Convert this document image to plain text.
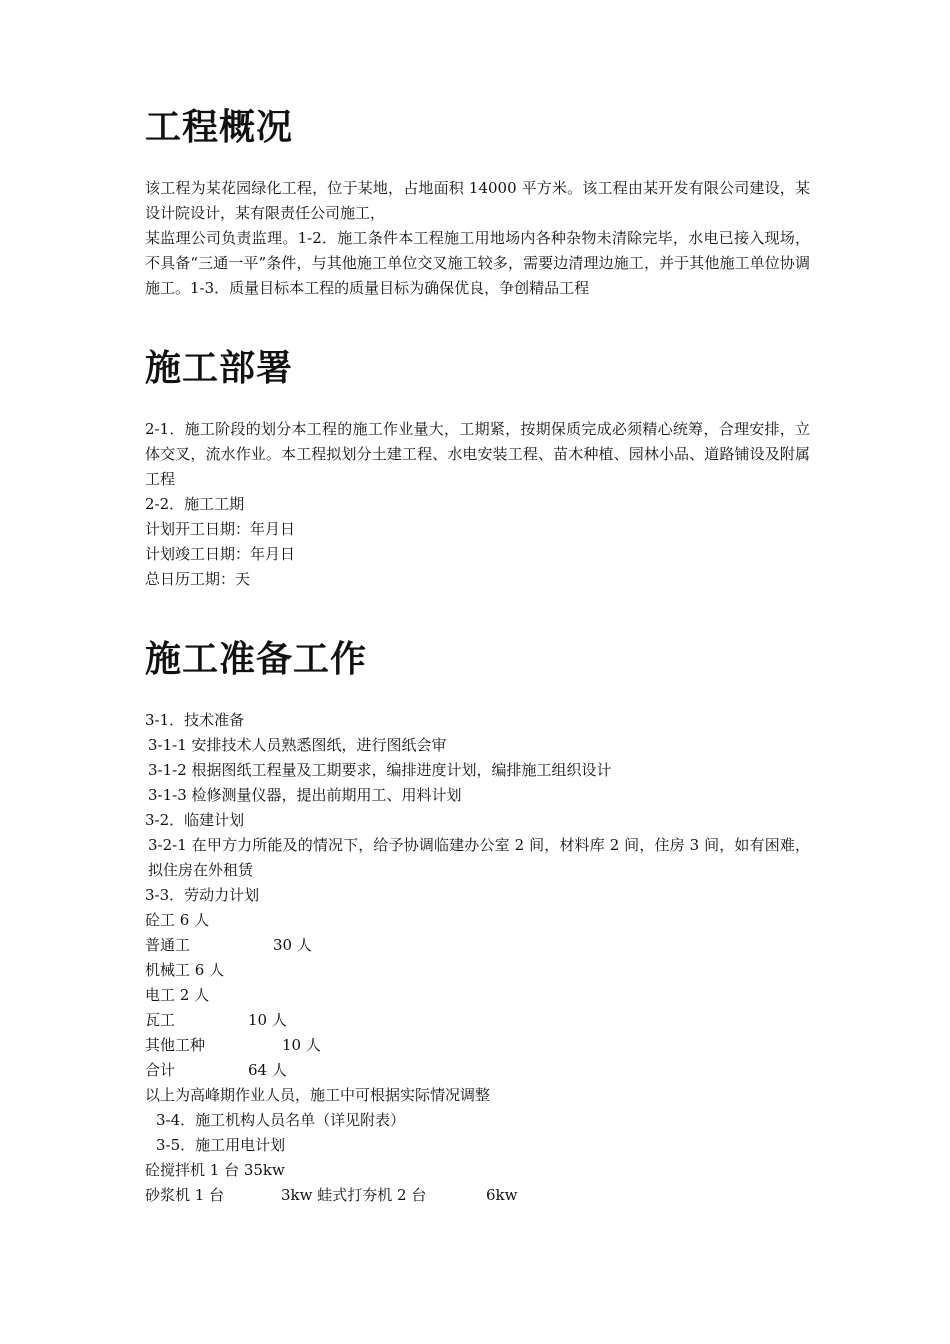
工程概况

该工程为某花园绿化工程，位于某地，占地面积 14000 平方米。该工程由某开发有限公司建设，某设计院设计，某有限责任公司施工，

某监理公司负责监理。1-2．施工条件本工程施工用地场内各种杂物未清除完毕，水电已接入现场，不具备“三通一平”条件，与其他施工单位交叉施工较多，需要边清理边施工，并于其他施工单位协调施工。1-3．质量目标本工程的质量目标为确保优良，争创精品工程

施工部署

2-1．施工阶段的划分本工程的施工作业量大，工期紧，按期保质完成必须精心统筹，合理安排，立体交叉，流水作业。本工程拟划分土建工程、水电安装工程、苗木种植、园林小品、道路铺设及附属工程

2-2．施工工期

计划开工日期：年月日

计划竣工日期：年月日

总日历工期：天

施工准备工作

3-1．技术准备

3-1-1 安排技术人员熟悉图纸，进行图纸会审

3-1-2 根据图纸工程量及工期要求，编排进度计划，编排施工组织设计

3-1-3 检修测量仪器，提出前期用工、用料计划

3-2．临建计划

3-2-1 在甲方力所能及的情况下，给予协调临建办公室 2 间，材料库 2 间，住房 3 间，如有困难，拟住房在外租赁

3-3．劳动力计划

砼工 6 人

普通工	30 人

机械工 6 人

电工 2 人

瓦工	10 人

其他工种	10 人

合计	64 人

以上为高峰期作业人员，施工中可根据实际情况调整

3-4．施工机构人员名单（详见附表）

3-5．施工用电计划

砼搅拌机 1 台 35kw

砂浆机 1 台	3kw 蛙式打夯机 2 台	6kw
